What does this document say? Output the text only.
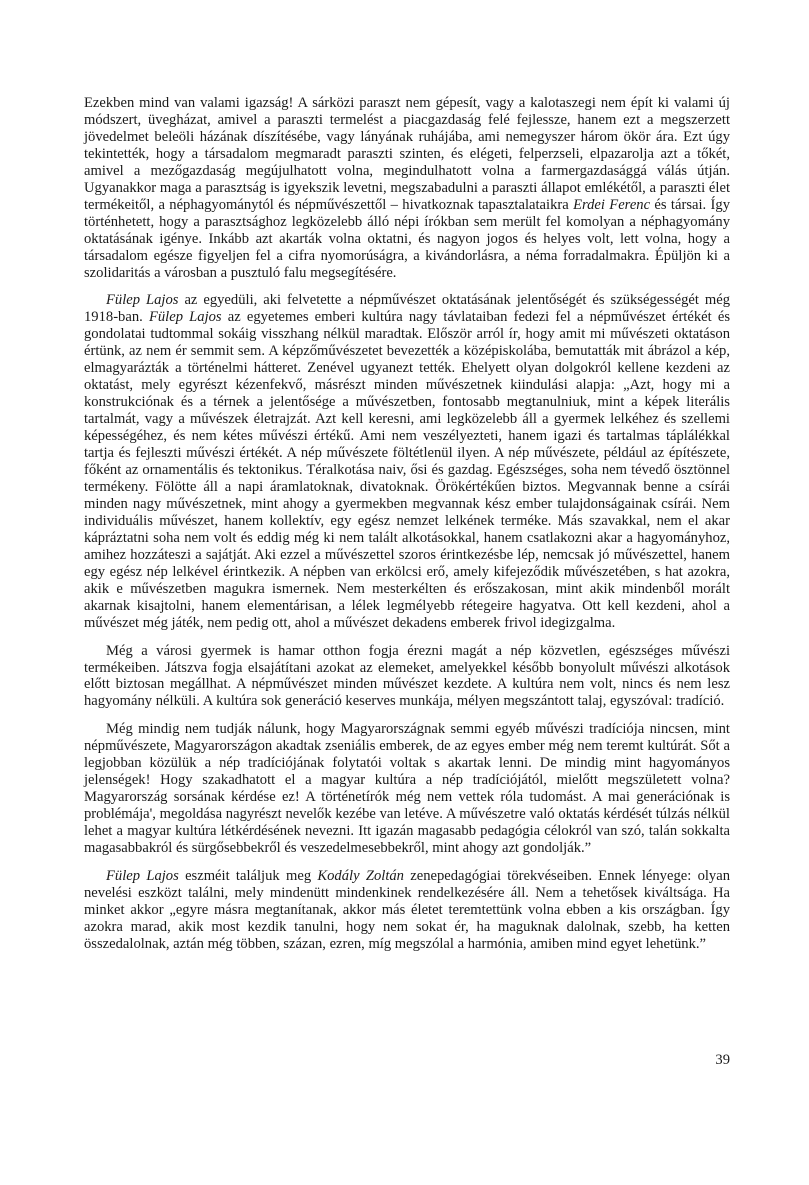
Ezekben mind van valami igazság! A sárközi paraszt nem gépesít, vagy a kalotaszegi nem épít ki valami új módszert, üvegházat, amivel a paraszti termelést a piacgazdaság felé fejlessze, hanem ezt a megszerzett jövedelmet beleöli házának díszítésébe, vagy lányának ruhájába, ami nemegyszer három ökör ára. Ezt úgy tekintették, hogy a társadalom megmaradt paraszti szinten, és elégeti, felperzseli, elpazarolja azt a tőkét, amivel a mezőgazdaság megújulhatott volna, megindulhatott volna a farmergazdasággá válás útján. Ugyanakkor maga a parasztság is igyekszik levetni, megszabadulni a paraszti állapot emlékétől, a paraszti élet termékeitől, a néphagyománytól és népművészettől – hivatkoznak tapasztalataikra Erdei Ferenc és társai. Így történhetett, hogy a parasztsághoz legközelebb álló népi írókban sem merült fel komolyan a néphagyomány oktatásának igénye. Inkább azt akarták volna oktatni, és nagyon jogos és helyes volt, lett volna, hogy a társadalom egésze figyeljen fel a cifra nyomorúságra, a kivándorlásra, a néma forradalmakra. Épüljön ki a szolidaritás a városban a pusztuló falu megsegítésére.

Fülep Lajos az egyedüli, aki felvetette a népművészet oktatásának jelentőségét és szükségességét még 1918-ban. Fülep Lajos az egyetemes emberi kultúra nagy távlataiban fedezi fel a népművészet értékét és gondolatai tudtommal sokáig visszhang nélkül maradtak. Először arról ír, hogy amit mi művészeti oktatáson értünk, az nem ér semmit sem. A képzőművészetet bevezették a középiskolába, bemutatták mit ábrázol a kép, elmagyarázták a történelmi hátteret. Zenével ugyanezt tették. Ehelyett olyan dolgokról kellene kezdeni az oktatást, mely egyrészt kézenfekvő, másrészt minden művészetnek kiindulási alapja: „Azt, hogy mi a konstrukciónak és a térnek a jelentősége a művészetben, fontosabb megtanulniuk, mint a képek literális tartalmát, vagy a művészek életrajzát. Azt kell keresni, ami legközelebb áll a gyermek lelkéhez és szellemi képességéhez, és nem kétes művészi értékű. Ami nem veszélyezteti, hanem igazi és tartalmas táplálékkal tartja és fejleszti művészi értékét. A nép művészete föltétlenül ilyen. A nép művészete, például az építészete, főként az ornamentális és tektonikus. Téralkotása naiv, ősi és gazdag. Egészséges, soha nem tévedő ösztönnel termékeny. Fölötte áll a napi áramlatoknak, divatoknak. Örökértékűen biztos. Megvannak benne a csírái minden nagy művészetnek, mint ahogy a gyermekben megvannak kész ember tulajdonságainak csírái. Nem individuális művészet, hanem kollektív, egy egész nemzet lelkének terméke. Más szavakkal, nem el akar kápráztatni soha nem volt és eddig még ki nem talált alkotásokkal, hanem csatlakozni akar a hagyományhoz, amihez hozzáteszi a sajátját. Aki ezzel a művészettel szoros érintkezésbe lép, nemcsak jó művészettel, hanem egy egész nép lelkével érintkezik. A népben van erkölcsi erő, amely kifejeződik művészetében, s hat azokra, akik e művészetben magukra ismernek. Nem mesterkélten és erőszakosan, mint akik mindenből morált akarnak kisajtolni, hanem elementárisan, a lélek legmélyebb rétegeire hagyatva. Ott kell kezdeni, ahol a művészet még játék, nem pedig ott, ahol a művészet dekadens emberek frivol idegizgalma.

Még a városi gyermek is hamar otthon fogja érezni magát a nép közvetlen, egészséges művészi termékeiben. Játszva fogja elsajátítani azokat az elemeket, amelyekkel később bonyolult művészi alkotások előtt biztosan megállhat. A népművészet minden művészet kezdete. A kultúra nem volt, nincs és nem lesz hagyomány nélküli. A kultúra sok generáció keserves munkája, mélyen megszántott talaj, egyszóval: tradíció.

Még mindig nem tudják nálunk, hogy Magyarországnak semmi egyéb művészi tradíciója nincsen, mint népművészete, Magyarországon akadtak zseniális emberek, de az egyes ember még nem teremt kultúrát. Sőt a legjobban közülük a nép tradíciójának folytatói voltak s akartak lenni. De mindig mint hagyományos jelenségek! Hogy szakadhatott el a magyar kultúra a nép tradíciójától, mielőtt megszületett volna? Magyarország sorsának kérdése ez! A történetírók még nem vettek róla tudomást. A mai generációnak is problémája', megoldása nagyrészt nevelők kezébe van letéve. A művészetre való oktatás kérdését túlzás nélkül lehet a magyar kultúra létkérdésének nevezni. Itt igazán magasabb pedagógia célokról van szó, talán sokkalta magasabbakról és sürgősebbekről és veszedelmesebbekről, mint ahogy azt gondolják.”

Fülep Lajos eszméit találjuk meg Kodály Zoltán zenepedagógiai törekvéseiben. Ennek lényege: olyan nevelési eszközt találni, mely mindenütt mindenkinek rendelkezésére áll. Nem a tehetősek kiváltsága. Ha minket akkor „egyre másra megtanítanak, akkor más életet teremtettünk volna ebben a kis országban. Így azokra marad, akik most kezdik tanulni, hogy nem sokat ér, ha maguknak dalolnak, szebb, ha ketten összedalolnak, aztán még többen, százan, ezren, míg megszólal a harmónia, amiben mind egyet lehetünk.”

39
